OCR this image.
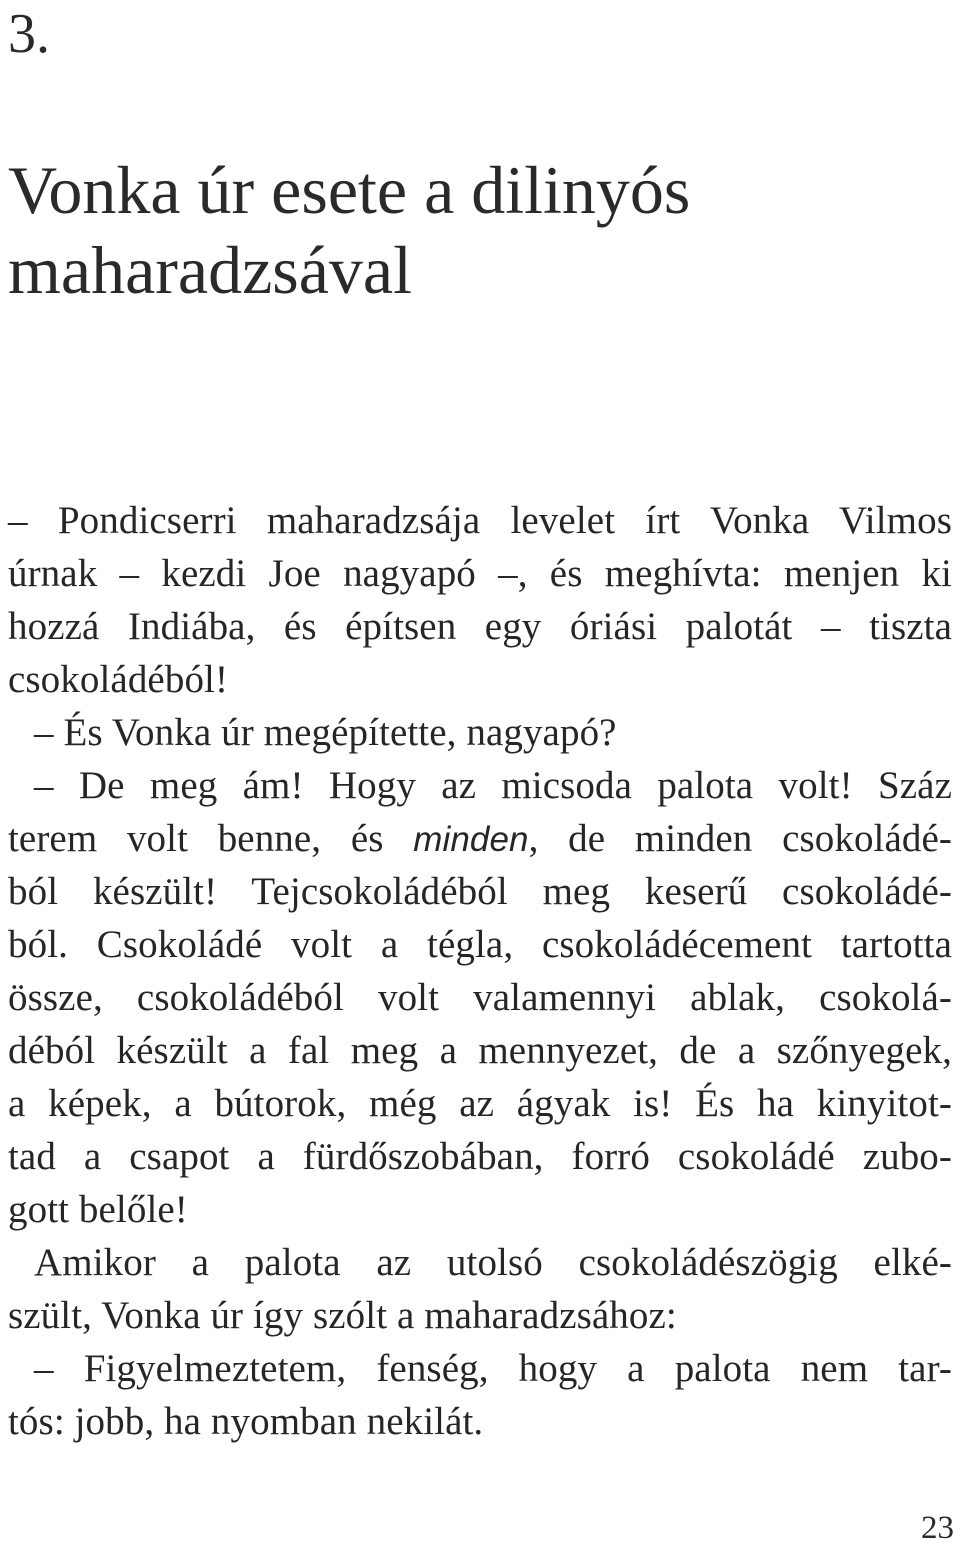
3.
Vonka úr esete a dilinyós
maharadzsával
– Pondicserri maharadzsája levelet írt Vonka Vilmos
úrnak – kezdi Joe nagyapó –, és meghívta: menjen ki
hozzá Indiába, és építsen egy óriási palotát – tiszta
csokoládéból!
– És Vonka úr megépítette, nagyapó?
– De meg ám! Hogy az micsoda palota volt! Száz
terem volt benne, és minden, de minden csokoládé-
ból készült! Tejcsokoládéból meg keserű csokoládé-
ból. Csokoládé volt a tégla, csokoládécement tartotta
össze, csokoládéból volt valamennyi ablak, csokolá-
déból készült a fal meg a mennyezet, de a szőnyegek,
a képek, a bútorok, még az ágyak is! És ha kinyitot-
tad a csapot a fürdőszobában, forró csokoládé zubo-
gott belőle!
Amikor a palota az utolsó csokoládészögig elké-
szült, Vonka úr így szólt a maharadzsához:
– Figyelmeztetem, fenség, hogy a palota nem tar-
tós: jobb, ha nyomban nekilát.
23
